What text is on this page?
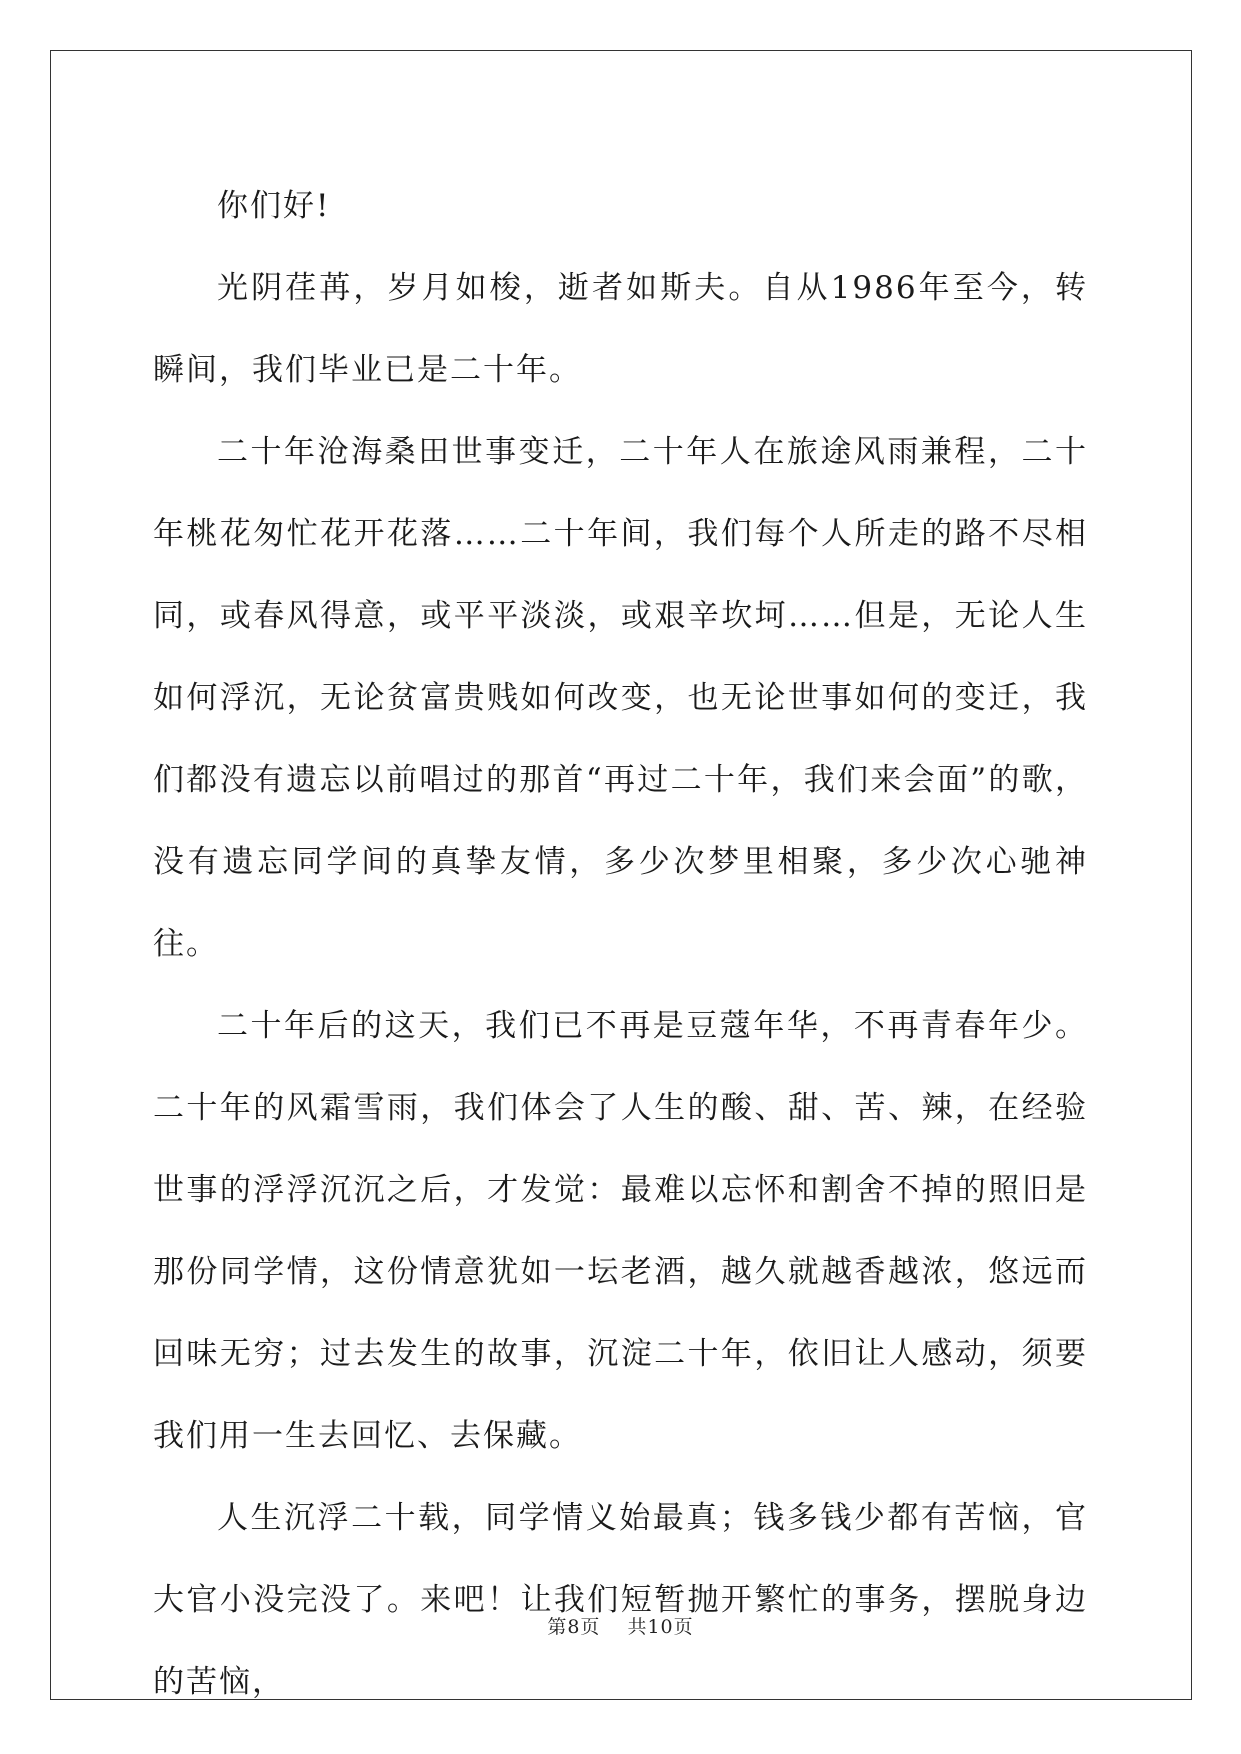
你们好!

光阴荏苒，岁月如梭，逝者如斯夫。自从1986年至今，转瞬间，我们毕业已是二十年。

二十年沧海桑田世事变迁，二十年人在旅途风雨兼程，二十年桃花匆忙花开花落……二十年间，我们每个人所走的路不尽相同，或春风得意，或平平淡淡，或艰辛坎坷……但是，无论人生如何浮沉，无论贫富贵贱如何改变，也无论世事如何的变迁，我们都没有遗忘以前唱过的那首“再过二十年，我们来会面”的歌，没有遗忘同学间的真挚友情，多少次梦里相聚，多少次心驰神往。

二十年后的这天，我们已不再是豆蔻年华，不再青春年少。二十年的风霜雪雨，我们体会了人生的酸、甜、苦、辣，在经验世事的浮浮沉沉之后，才发觉：最难以忘怀和割舍不掉的照旧是那份同学情，这份情意犹如一坛老酒，越久就越香越浓，悠远而回味无穷；过去发生的故事，沉淀二十年，依旧让人感动，须要我们用一生去回忆、去保藏。

人生沉浮二十载，同学情义始最真；钱多钱少都有苦恼，官大官小没完没了。来吧！让我们短暂抛开繁忙的事务，摆脱身边的苦恼，

第8页 共10页
